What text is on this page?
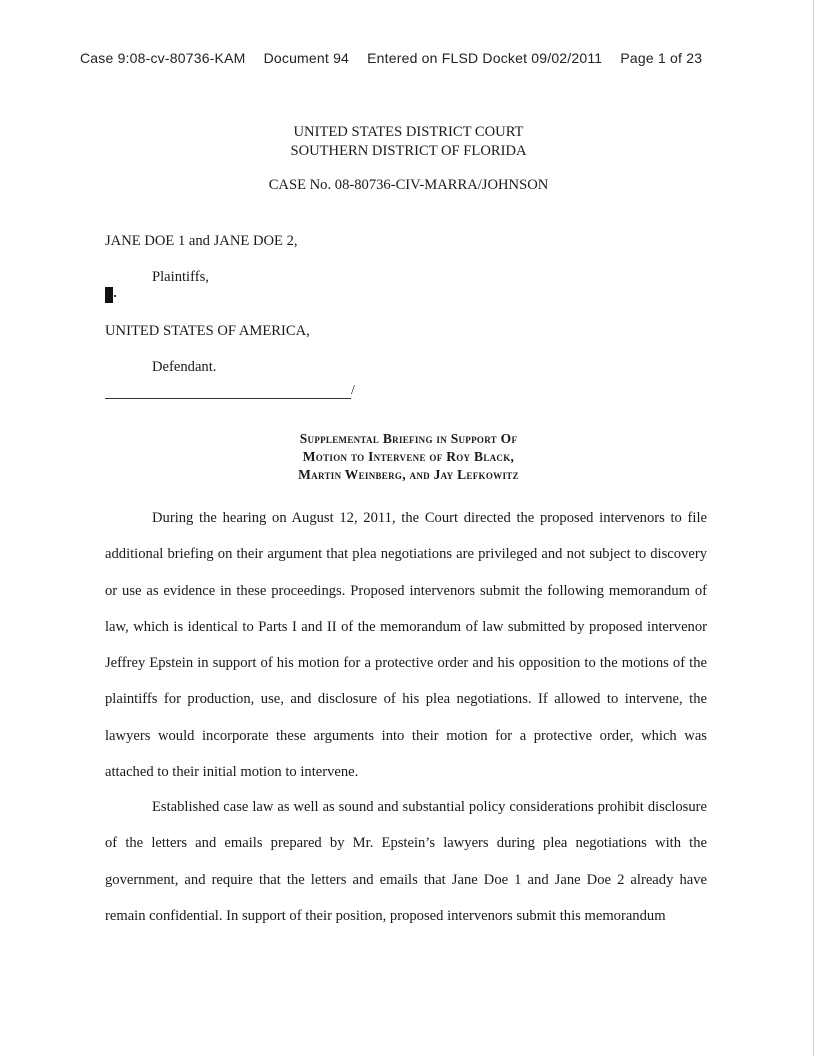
Case 9:08-cv-80736-KAM Document 94 Entered on FLSD Docket 09/02/2011 Page 1 of 23
UNITED STATES DISTRICT COURT
SOUTHERN DISTRICT OF FLORIDA
CASE No. 08-80736-CIV-MARRA/JOHNSON
JANE DOE 1 and JANE DOE 2,
Plaintiffs,
UNITED STATES OF AMERICA,
Defendant.
/
Supplemental Briefing in Support Of
Motion to Intervene of Roy Black,
Martin Weinberg, and Jay Lefkowitz

During the hearing on August 12, 2011, the Court directed the proposed intervenors to file additional briefing on their argument that plea negotiations are privileged and not subject to discovery or use as evidence in these proceedings. Proposed intervenors submit the following memorandum of law, which is identical to Parts I and II of the memorandum of law submitted by proposed intervenor Jeffrey Epstein in support of his motion for a protective order and his opposition to the motions of the plaintiffs for production, use, and disclosure of his plea negotiations. If allowed to intervene, the lawyers would incorporate these arguments into their motion for a protective order, which was attached to their initial motion to intervene.

Established case law as well as sound and substantial policy considerations prohibit disclosure of the letters and emails prepared by Mr. Epstein’s lawyers during plea negotiations with the government, and require that the letters and emails that Jane Doe 1 and Jane Doe 2 already have remain confidential. In support of their position, proposed intervenors submit this memorandum
